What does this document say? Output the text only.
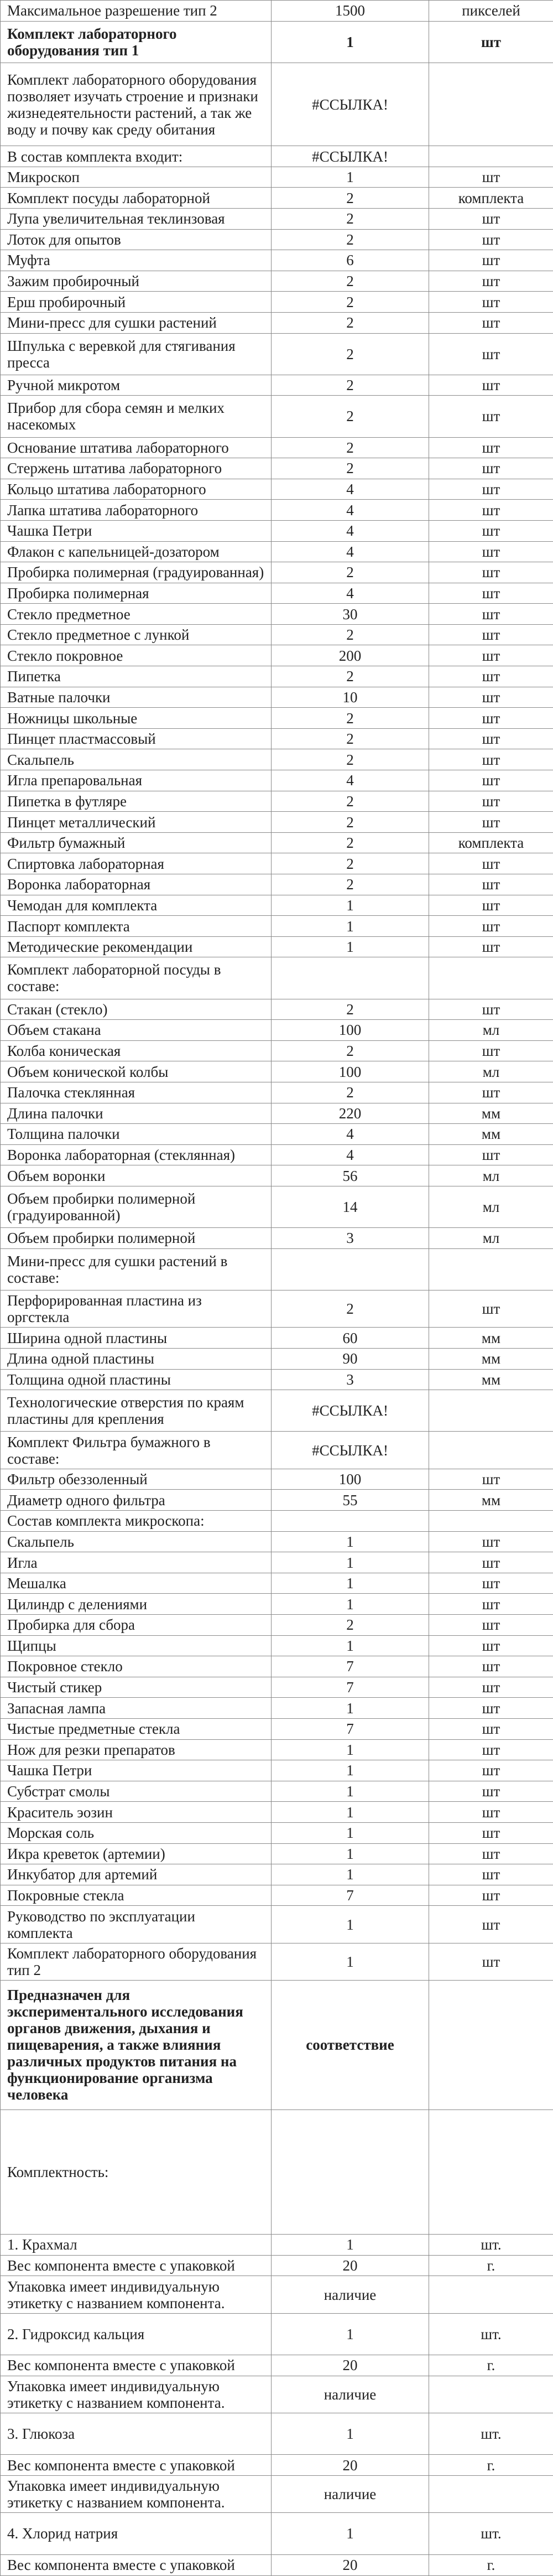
Максимальное разрешение тип 2	1500	пикселей
Комплект лабораторного оборудования тип 1	1	шт
Комплект лабораторного оборудования позволяет изучать строение и признаки жизнедеятельности растений, а так же воду и почву как среду обитания	#ССЫЛКА!	
В состав комплекта входит:	#ССЫЛКА!	
Микроскоп	1	шт
Комплект посуды лабораторной	2	комплекта
Лупа увеличительная теклинзовая	2	шт
Лоток для опытов	2	шт
Муфта	6	шт
Зажим пробирочный	2	шт
Ерш пробирочный	2	шт
Мини-пресс для сушки растений	2	шт
Шпулька с веревкой для стягивания пресса	2	шт
Ручной микротом	2	шт
Прибор для сбора семян и мелких насекомых	2	шт
Основание штатива лабораторного	2	шт
Стержень штатива лабораторного	2	шт
Кольцо штатива лабораторного	4	шт
Лапка штатива лабораторного	4	шт
Чашка Петри	4	шт
Флакон с капельницей-дозатором	4	шт
Пробирка полимерная (градуированная)	2	шт
Пробирка полимерная	4	шт
Стекло предметное	30	шт
Стекло предметное с лункой	2	шт
Стекло покровное	200	шт
Пипетка	2	шт
Ватные палочки	10	шт
Ножницы школьные	2	шт
Пинцет пластмассовый	2	шт
Скальпель	2	шт
Игла препаровальная	4	шт
Пипетка в футляре	2	шт
Пинцет металлический	2	шт
Фильтр бумажный	2	комплекта
Спиртовка лабораторная	2	шт
Воронка лабораторная	2	шт
Чемодан для комплекта	1	шт
Паспорт комплекта	1	шт
Методические рекомендации	1	шт
Комплект лабораторной посуды в составе:		
Стакан (стекло)	2	шт
Объем стакана	100	мл
Колба коническая	2	шт
Объем конической колбы	100	мл
Палочка стеклянная	2	шт
Длина палочки	220	мм
Толщина палочки	4	мм
Воронка лабораторная (стеклянная)	4	шт
Объем воронки	56	мл
Объем пробирки полимерной (градуированной)	14	мл
Объем пробирки полимерной	3	мл
Мини-пресс для сушки растений в составе:		
Перфорированная пластина из оргстекла	2	шт
Ширина одной пластины	60	мм
Длина одной пластины	90	мм
Толщина одной пластины	3	мм
Технологические отверстия по краям пластины для крепления	#ССЫЛКА!	
Комплект Фильтра бумажного в составе:	#ССЫЛКА!	
Фильтр обеззоленный	100	шт
Диаметр одного фильтра	55	мм
Состав комплекта микроскопа:		
Скальпель	1	шт
Игла	1	шт
Мешалка	1	шт
Цилиндр с делениями	1	шт
Пробирка для сбора	2	шт
Щипцы	1	шт
Покровное стекло	7	шт
Чистый стикер	7	шт
Запасная лампа	1	шт
Чистые предметные стекла	7	шт
Нож для резки препаратов	1	шт
Чашка Петри	1	шт
Субстрат смолы	1	шт
Краситель эозин	1	шт
Морская соль	1	шт
Икра креветок (артемии)	1	шт
Инкубатор для артемий	1	шт
Покровные стекла	7	шт
Руководство по эксплуатации комплекта	1	шт
Комплект лабораторного оборудования тип 2	1	шт
Предназначен для экспериментального исследования органов движения, дыхания и пищеварения, а также влияния различных продуктов питания на функционирование организма человека	соответствие	
Комплектность:		
1. Крахмал	1	шт.
Вес компонента вместе с упаковкой	20	г.
Упаковка имеет индивидуальную этикетку с названием компонента.	наличие	
2. Гидроксид кальция	1	шт.
Вес компонента вместе с упаковкой	20	г.
Упаковка имеет индивидуальную этикетку с названием компонента.	наличие	
3. Глюкоза	1	шт.
Вес компонента вместе с упаковкой	20	г.
Упаковка имеет индивидуальную этикетку с названием компонента.	наличие	
4. Хлорид натрия	1	шт.
Вес компонента вместе с упаковкой	20	г.
